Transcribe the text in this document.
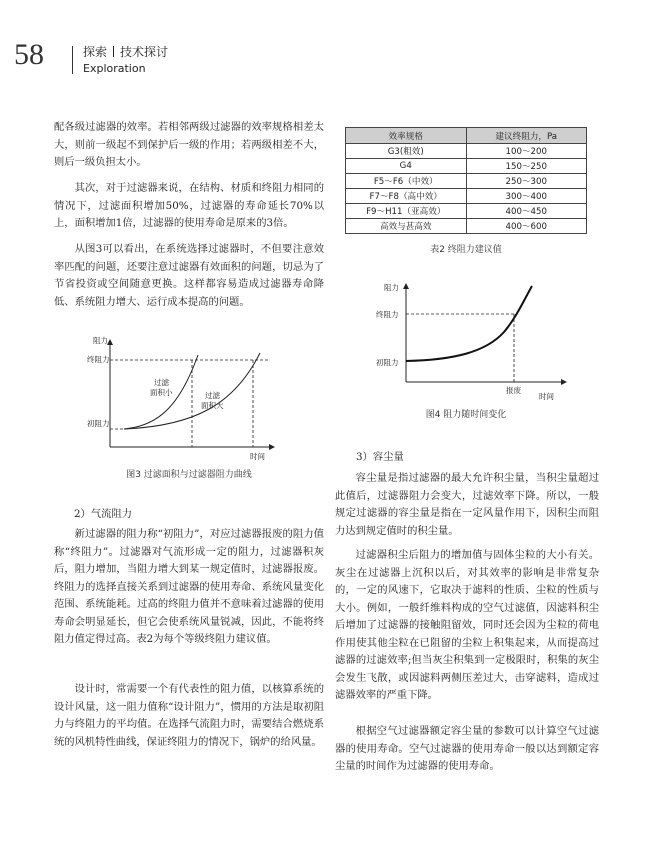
58	探索 技术探讨
Exploration

配各级过滤器的效率。若相邻两级过滤器的效率规格相差太大，则前一级起不到保护后一级的作用；若两级相差不大，则后一级负担太小。

其次，对于过滤器来说，在结构、材质和终阻力相同的情况下，过滤面积增加50%，过滤器的寿命延长70%以上，面积增加1倍，过滤器的使用寿命是原来的3倍。

从图3可以看出，在系统选择过滤器时，不但要注意效率匹配的问题，还要注意过滤器有效面积的问题，切忌为了节省投资或空间随意更换。这样都容易造成过滤器寿命降低、系统阻力增大、运行成本提高的问题。

阻力
终阻力
初阻力
过滤
面积小	过滤
面积大
时间
图3 过滤面积与过滤器阻力曲线
2）气流阻力

新过滤器的阻力称“初阻力”，对应过滤器报废的阻力值称“终阻力”。过滤器对气流形成一定的阻力，过滤器积灰后，阻力增加，当阻力增大到某一规定值时，过滤器报废。终阻力的选择直接关系到过滤器的使用寿命、系统风量变化范围、系统能耗。过高的终阻力值并不意味着过滤器的使用寿命会明显延长，但它会使系统风量锐减，因此，不能将终阻力值定得过高。表2为每个等级终阻力建议值。

设计时，常需要一个有代表性的阻力值，以核算系统的设计风量，这一阻力值称“设计阻力”，惯用的方法是取初阻力与终阻力的平均值。在选择气流阻力时，需要结合燃烧系统的风机特性曲线，保证终阻力的情况下，锅炉的给风量。

效率规格	建议终阻力，Pa
G3(粗效)	100～200
G4	150～250
F5～F6（中效）	250～300
F7～F8（高中效）	300～400
F9～H11（亚高效）	400～450
高效与甚高效	400～600
表2 终阻力建议值
阻力
终阻力
初阻力
报废
时间
图4 阻力随时间变化
3）容尘量

容尘量是指过滤器的最大允许积尘量，当积尘量超过此值后，过滤器阻力会变大，过滤效率下降。所以，一般规定过滤器的容尘量是指在一定风量作用下，因积尘而阻力达到规定值时的积尘量。

过滤器积尘后阻力的增加值与固体尘粒的大小有关。灰尘在过滤器上沉积以后，对其效率的影响是非常复杂的，一定的风速下，它取决于滤料的性质、尘粒的性质与大小。例如，一般纤维料构成的空气过滤值，因滤料积尘后增加了过滤器的接触阻留效，同时还会因为尘粒的荷电作用使其他尘粒在已阻留的尘粒上积集起来，从而提高过滤器的过滤效率;但当灰尘积集到一定极限时，积集的灰尘会发生飞散，或因滤料两侧压差过大，击穿滤料，造成过滤器效率的严重下降。

根据空气过滤器额定容尘量的参数可以计算空气过滤器的使用寿命。空气过滤器的使用寿命一般以达到额定容尘量的时间作为过滤器的使用寿命。
